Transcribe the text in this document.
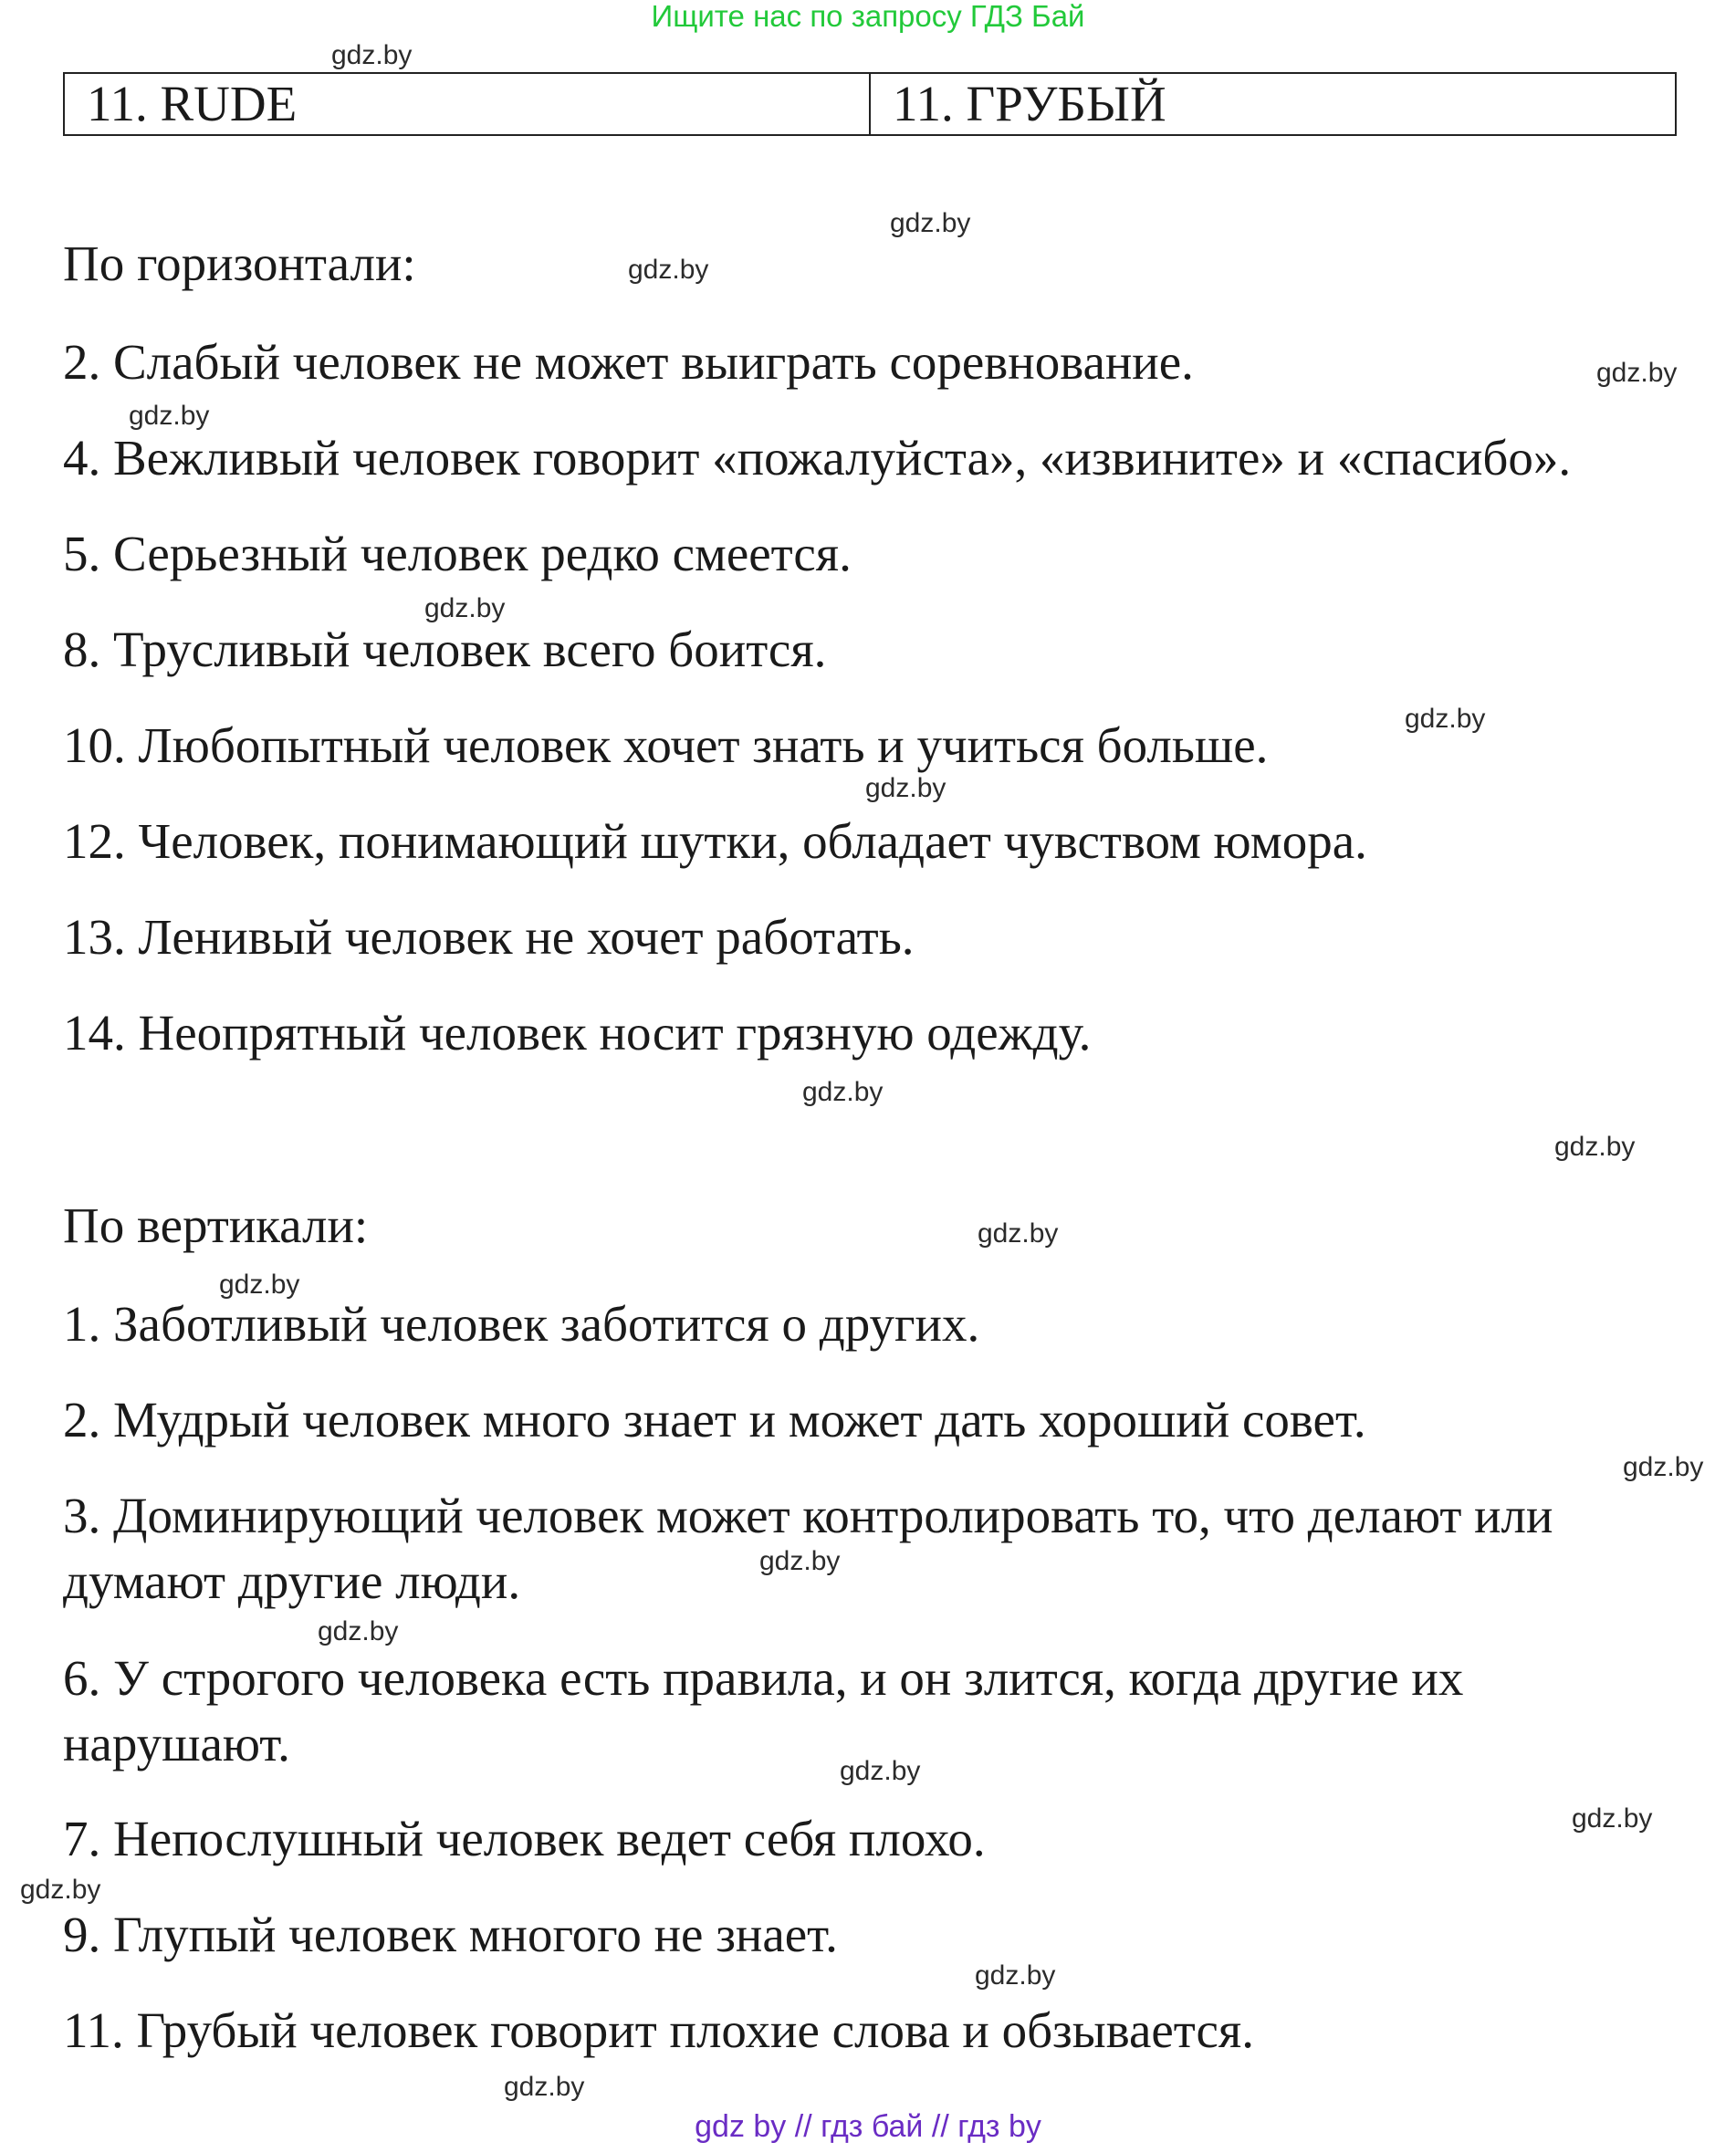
Ищите нас по запросу ГДЗ Бай
11. RUDE	11. ГРУБЫЙ
По горизонтали:
2. Слабый человек не может выиграть соревнование.
4. Вежливый человек говорит «пожалуйста», «извините» и «спасибо».
5. Серьезный человек редко смеется.
8. Трусливый человек всего боится.
10. Любопытный человек хочет знать и учиться больше.
12. Человек, понимающий шутки, обладает чувством юмора.
13. Ленивый человек не хочет работать.
14. Неопрятный человек носит грязную одежду.
По вертикали:
1. Заботливый человек заботится о других.
2. Мудрый человек много знает и может дать хороший совет.
3. Доминирующий человек может контролировать то, что делают или думают другие люди.
6. У строгого человека есть правила, и он злится, когда другие их нарушают.
7. Непослушный человек ведет себя плохо.
9. Глупый человек многого не знает.
11. Грубый человек говорит плохие слова и обзывается.
gdz.by
gdz.by
gdz.by
gdz.by
gdz.by
gdz.by
gdz.by
gdz.by
gdz.by
gdz.by
gdz.by
gdz.by
gdz.by
gdz.by
gdz.by
gdz.by
gdz.by
gdz.by
gdz.by
gdz.by
gdz by // гдз бай // гдз by
